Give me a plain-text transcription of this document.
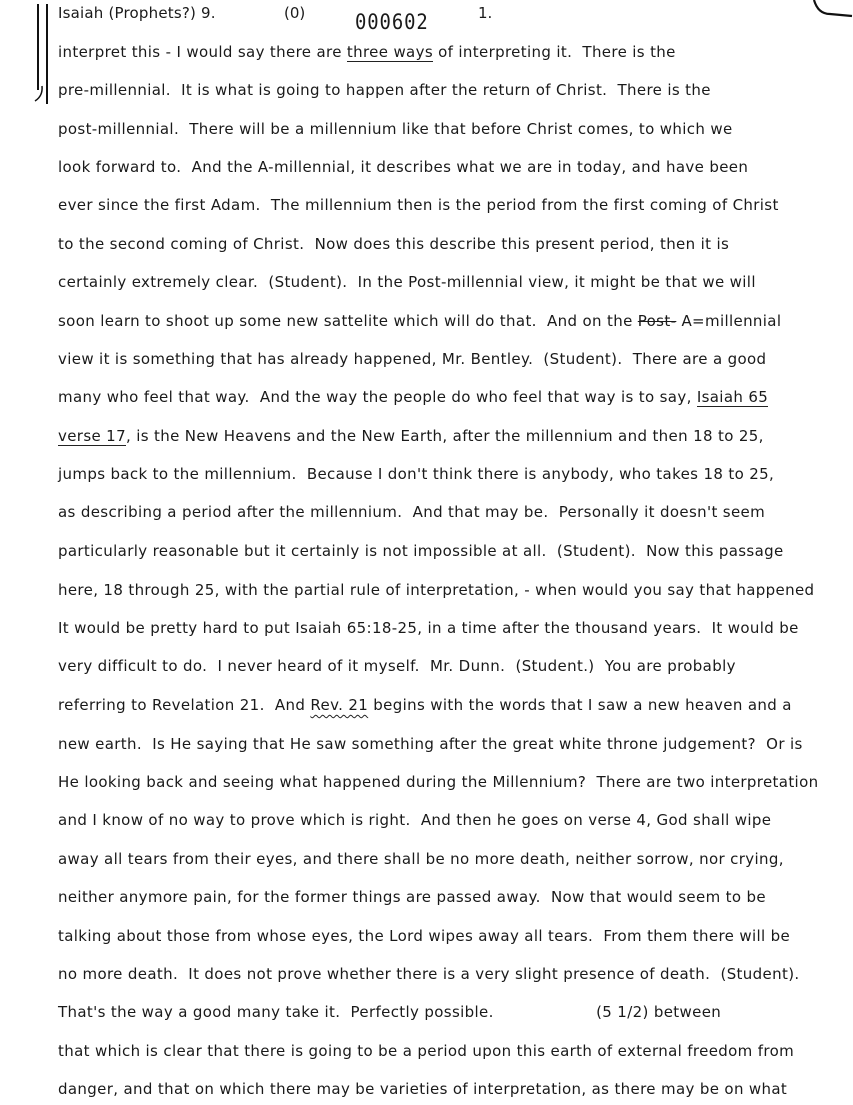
Isaiah (Prophets?) 9.	(0) 000602	1.
interpret this - I would say there are three ways of interpreting it.  There is the
pre-millennial.  It is what is going to happen after the return of Christ.  There is the
post-millennial.  There will be a millennium like that before Christ comes, to which we
look forward to.  And the A-millennial, it describes what we are in today, and have been
ever since the first Adam.  The millennium then is the period from the first coming of Christ
to the second coming of Christ.  Now does this describe this present period, then it is
certainly extremely clear.  (Student).  In the Post-millennial view, it might be that we will
soon learn to shoot up some new sattelite which will do that.  And on the Post- A=millennial
view it is something that has already happened, Mr. Bentley.  (Student).  There are a good
many who feel that way.  And the way the people do who feel that way is to say, Isaiah 65
verse 17, is the New Heavens and the New Earth, after the millennium and then 18 to 25,
jumps back to the millennium.  Because I don't think there is anybody, who takes 18 to 25,
as describing a period after the millennium.  And that may be.  Personally it doesn't seem
particularly reasonable but it certainly is not impossible at all.  (Student).  Now this passage
here, 18 through 25, with the partial rule of interpretation, - when would you say that happened
It would be pretty hard to put Isaiah 65:18-25, in a time after the thousand years.  It would be
very difficult to do.  I never heard of it myself.  Mr. Dunn.  (Student.)  You are probably
referring to Revelation 21.  And Rev. 21 begins with the words that I saw a new heaven and a
new earth.  Is He saying that He saw something after the great white throne judgement?  Or is
He looking back and seeing what happened during the Millennium?  There are two interpretation
and I know of no way to prove which is right.  And then he goes on verse 4, God shall wipe
away all tears from their eyes, and there shall be no more death, neither sorrow, nor crying,
neither anymore pain, for the former things are passed away.  Now that would seem to be
talking about those from whose eyes, the Lord wipes away all tears.  From them there will be
no more death.  It does not prove whether there is a very slight presence of death.  (Student).
That's the way a good many take it.  Perfectly possible.                    (5 1/2) between
that which is clear that there is going to be a period upon this earth of external freedom from
danger, and that on which there may be varieties of interpretation, as there may be on what
